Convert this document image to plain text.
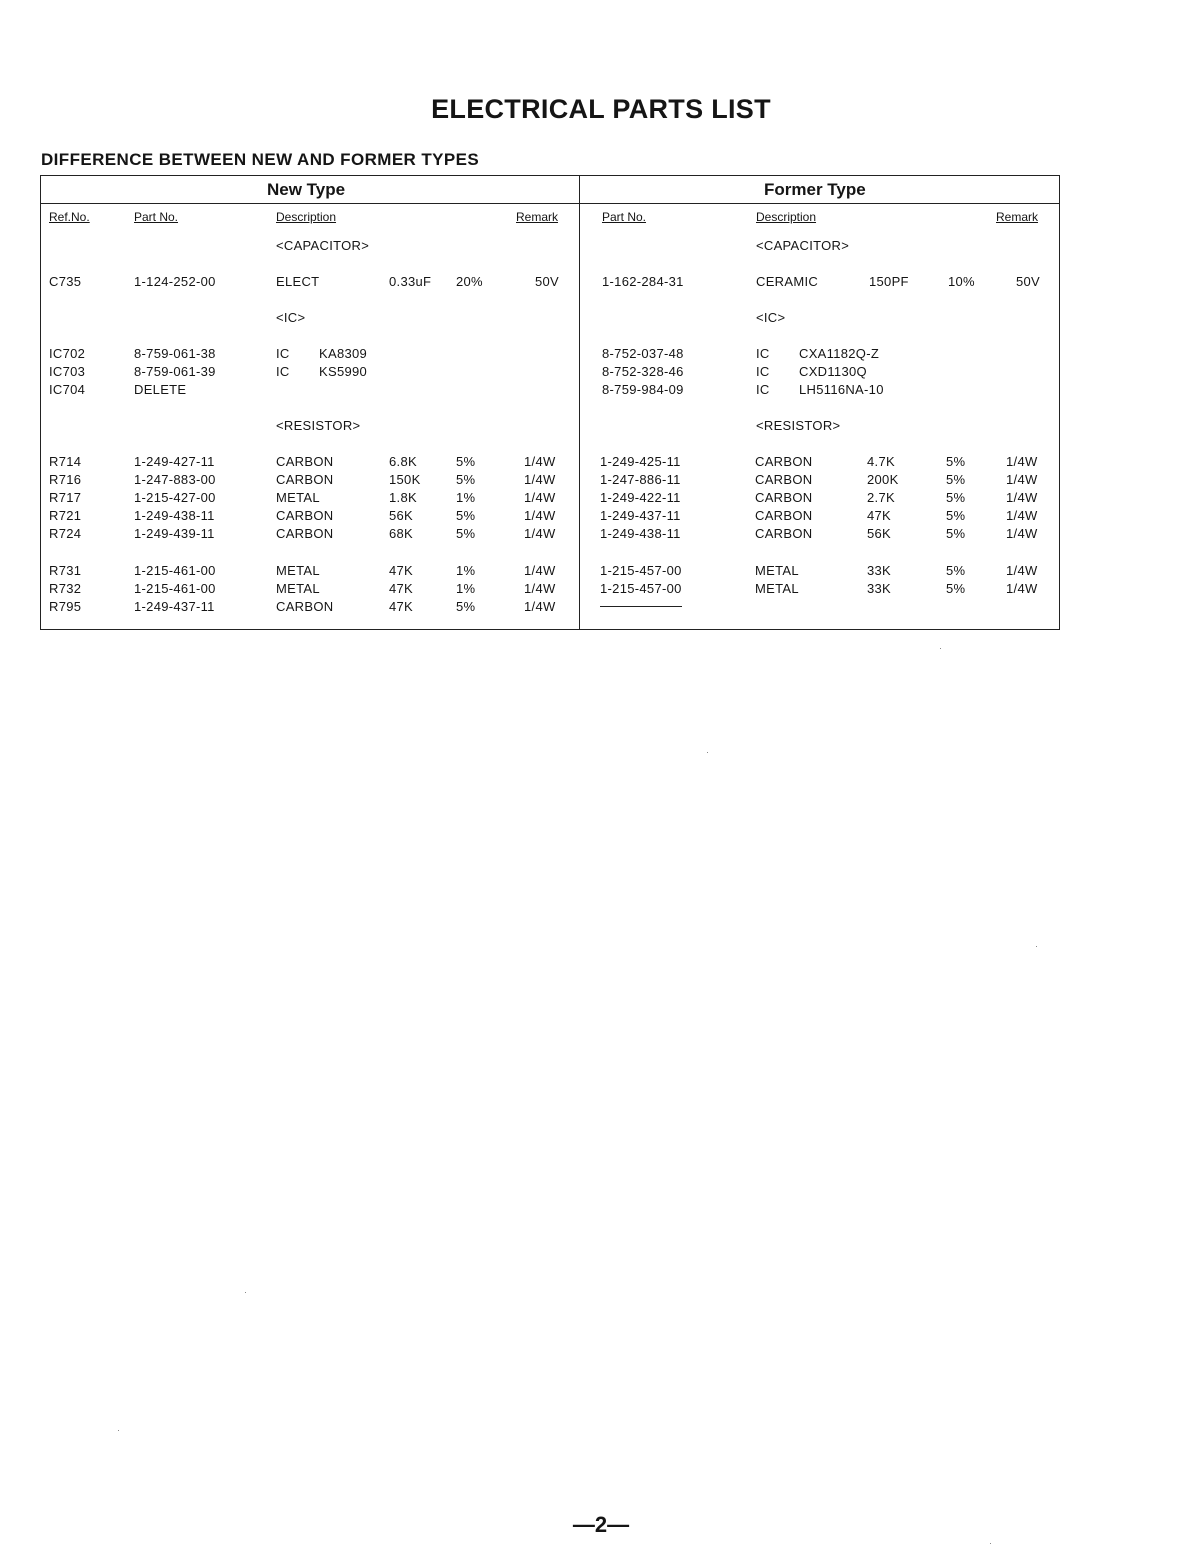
ELECTRICAL PARTS LIST
DIFFERENCE BETWEEN NEW AND FORMER TYPES
New Type	Former Type
Ref.No.	Part No.	Description	Remark	Part No.	Description	Remark
<CAPACITOR>	<CAPACITOR>
<IC>	<IC>
<RESISTOR>	<RESISTOR>
C735	1-124-252-00	ELECT	0.33uF 20%	50V	1-162-284-31	CERAMIC	150PF	10%	50V
IC702	8-759-061-38	IC KA8309	8-752-037-48	IC CXA1182Q-Z
IC703	8-759-061-39	IC KS5990	8-752-328-46	IC CXD1130Q
IC704	DELETE	8-759-984-09	IC LH5116NA-10
R714	1-249-427-11	CARBON	6.8K	5%	1/4W	1-249-425-11	CARBON	4.7K	5%	1/4W
R716	1-247-883-00	CARBON	150K	5%	1/4W	1-247-886-11	CARBON	200K	5%	1/4W
R717	1-215-427-00	METAL	1.8K	1%	1/4W	1-249-422-11	CARBON	2.7K	5%	1/4W
R721	1-249-438-11	CARBON	56K	5%	1/4W	1-249-437-11	CARBON	47K	5%	1/4W
R724	1-249-439-11	CARBON	68K	5%	1/4W	1-249-438-11	CARBON	56K	5%	1/4W
R731	1-215-461-00	METAL	47K	1%	1/4W	1-215-457-00	METAL	33K	5%	1/4W
R732	1-215-461-00	METAL	47K	1%	1/4W	1-215-457-00	METAL	33K	5%	1/4W
R795	1-249-437-11	CARBON	47K	5%	1/4W
—2—
